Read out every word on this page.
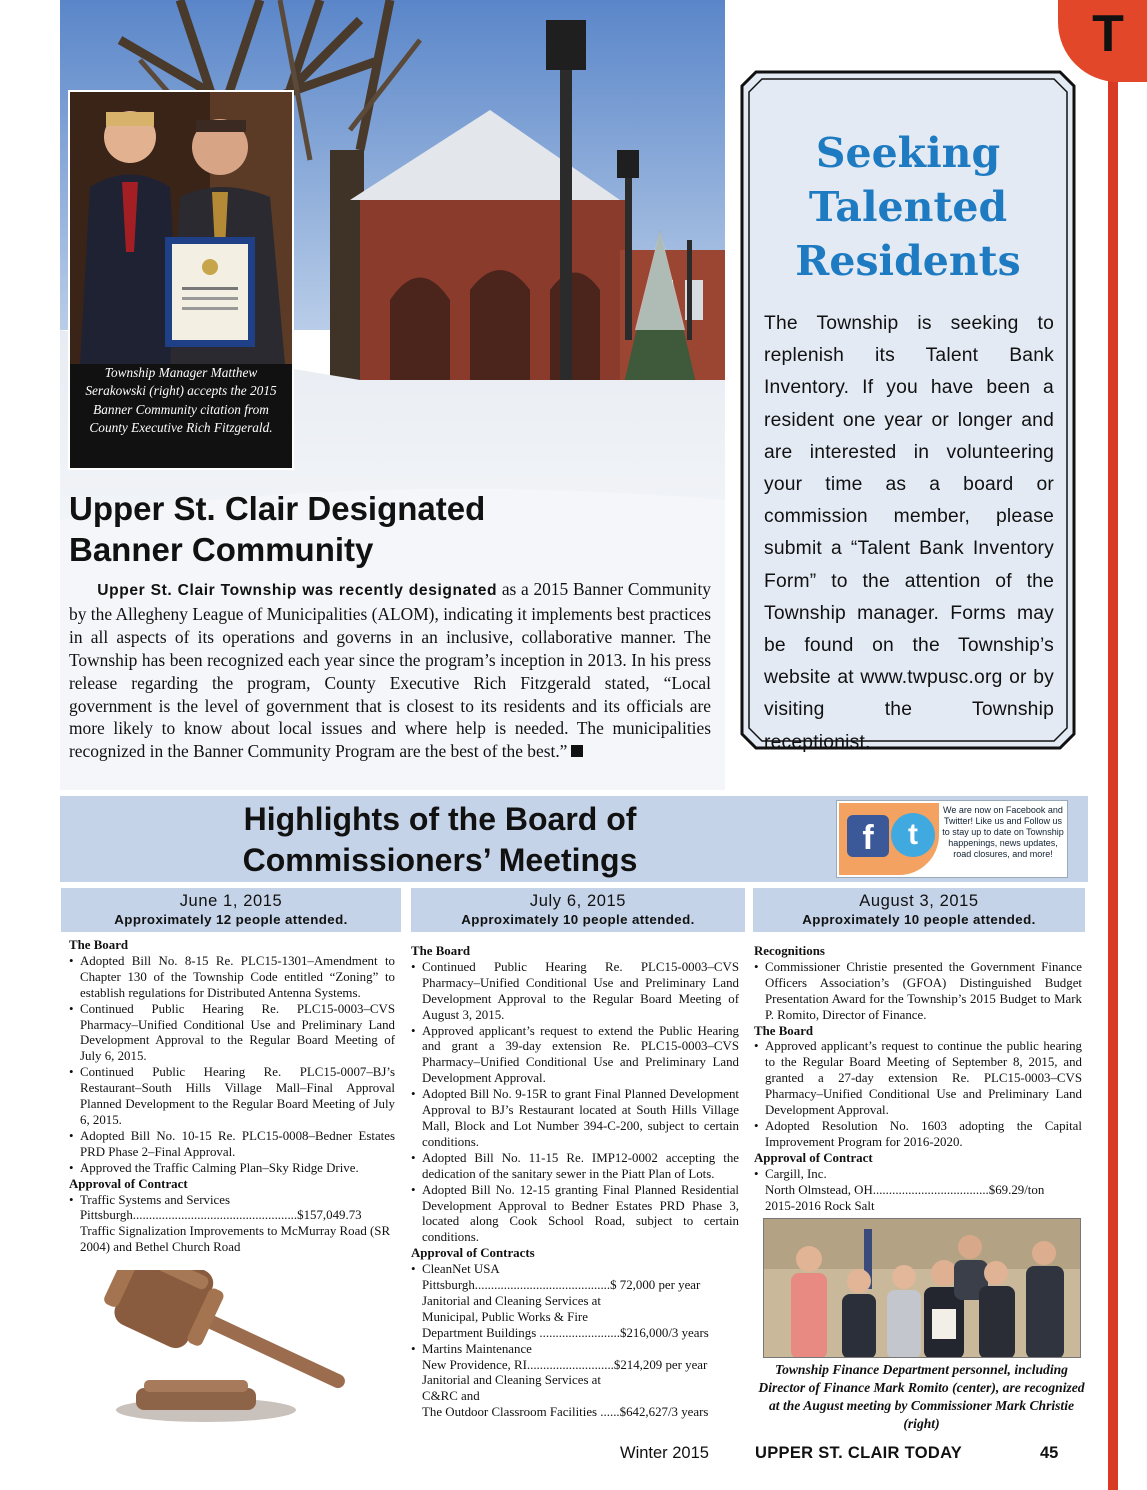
T
Township Manager Matthew Serakowski (right) accepts the 2015 Banner Community citation from County Executive Rich Fitzgerald.
Upper St. Clair Designated
Banner Community
Upper St. Clair Township was recently designated as a 2015 Banner Community by the Allegheny League of Municipalities (ALOM), indicating it implements best practices in all aspects of its operations and governs in an inclusive, collaborative manner. The Township has been recognized each year since the program’s inception in 2013. In his press release regarding the program, County Executive Rich Fitzgerald stated, “Local government is the level of government that is closest to its residents and its officials are more likely to know about local issues and where help is needed. The municipalities recognized in the Banner Community Program are the best of the best.”
Seeking
Talented
Residents
The Township is seeking to replenish its Talent Bank Inventory. If you have been a resident one year or longer and are interested in volunteering your time as a board or commission member, please submit a “Talent Bank Inventory Form” to the attention of the Township manager. Forms may be found on the Township’s website at www.twpusc.org or by visiting the Township receptionist.
Highlights of the Board of
Commissioners’ Meetings
f	t
We are now on Facebook and Twitter! Like us and Follow us to stay up to date on Township happenings, news updates, road closures, and more!
June 1, 2015
Approximately 12 people attended.
July 6, 2015
Approximately 10 people attended.
August 3, 2015
Approximately 10 people attended.
The Board
• Adopted Bill No. 8-15 Re. PLC15-1301–Amendment to Chapter 130 of the Township Code entitled “Zoning” to establish regulations for Distributed Antenna Systems.
• Continued Public Hearing Re. PLC15-0003–CVS Pharmacy–Unified Conditional Use and Preliminary Land Development Approval to the Regular Board Meeting of July 6, 2015.
• Continued Public Hearing Re. PLC15-0007–BJ’s Restaurant–South Hills Village Mall–Final Approval Planned Development to the Regular Board Meeting of July 6, 2015.
• Adopted Bill No. 10-15 Re. PLC15-0008–Bedner Estates PRD Phase 2–Final Approval.
• Approved the Traffic Calming Plan–Sky Ridge Drive.
Approval of Contract
• Traffic Systems and Services
Pittsburgh...................................................$157,049.73
Traffic Signalization Improvements to McMurray Road (SR 2004) and Bethel Church Road
The Board
• Continued Public Hearing Re. PLC15-0003–CVS Pharmacy–Unified Conditional Use and Preliminary Land Development Approval to the Regular Board Meeting of August 3, 2015.
• Approved applicant’s request to extend the Public Hearing and grant a 39-day extension Re. PLC15-0003–CVS Pharmacy–Unified Conditional Use and Preliminary Land Development Approval.
• Adopted Bill No. 9-15R to grant Final Planned Development Approval to BJ’s Restaurant located at South Hills Village Mall, Block and Lot Number 394-C-200, subject to certain conditions.
• Adopted Bill No. 11-15 Re. IMP12-0002 accepting the dedication of the sanitary sewer in the Piatt Plan of Lots.
• Adopted Bill No. 12-15 granting Final Planned Residential Development Approval to Bedner Estates PRD Phase 3, located along Cook School Road, subject to certain conditions.
Approval of Contracts
• CleanNet USA
Pittsburgh..........................................$ 72,000 per year
Janitorial and Cleaning Services at
Municipal, Public Works & Fire
Department Buildings .........................$216,000/3 years
• Martins Maintenance
New Providence, RI...........................$214,209 per year
Janitorial and Cleaning Services at
C&RC and
The Outdoor Classroom Facilities ......$642,627/3 years
Recognitions
• Commissioner Christie presented the Government Finance Officers Association’s (GFOA) Distinguished Budget Presentation Award for the Township’s 2015 Budget to Mark P. Romito, Director of Finance.
The Board
• Approved applicant’s request to continue the public hearing to the Regular Board Meeting of September 8, 2015, and granted a 27-day extension Re. PLC15-0003–CVS Pharmacy–Unified Conditional Use and Preliminary Land Development Approval.
• Adopted Resolution No. 1603 adopting the Capital Improvement Program for 2016-2020.
Approval of Contract
• Cargill, Inc.
North Olmstead, OH....................................$69.29/ton
2015-2016 Rock Salt
Township Finance Department personnel, including Director of Finance Mark Romito (center), are recognized at the August meeting by Commissioner Mark Christie (right)
Winter 2015	UPPER ST. CLAIR TODAY	45
